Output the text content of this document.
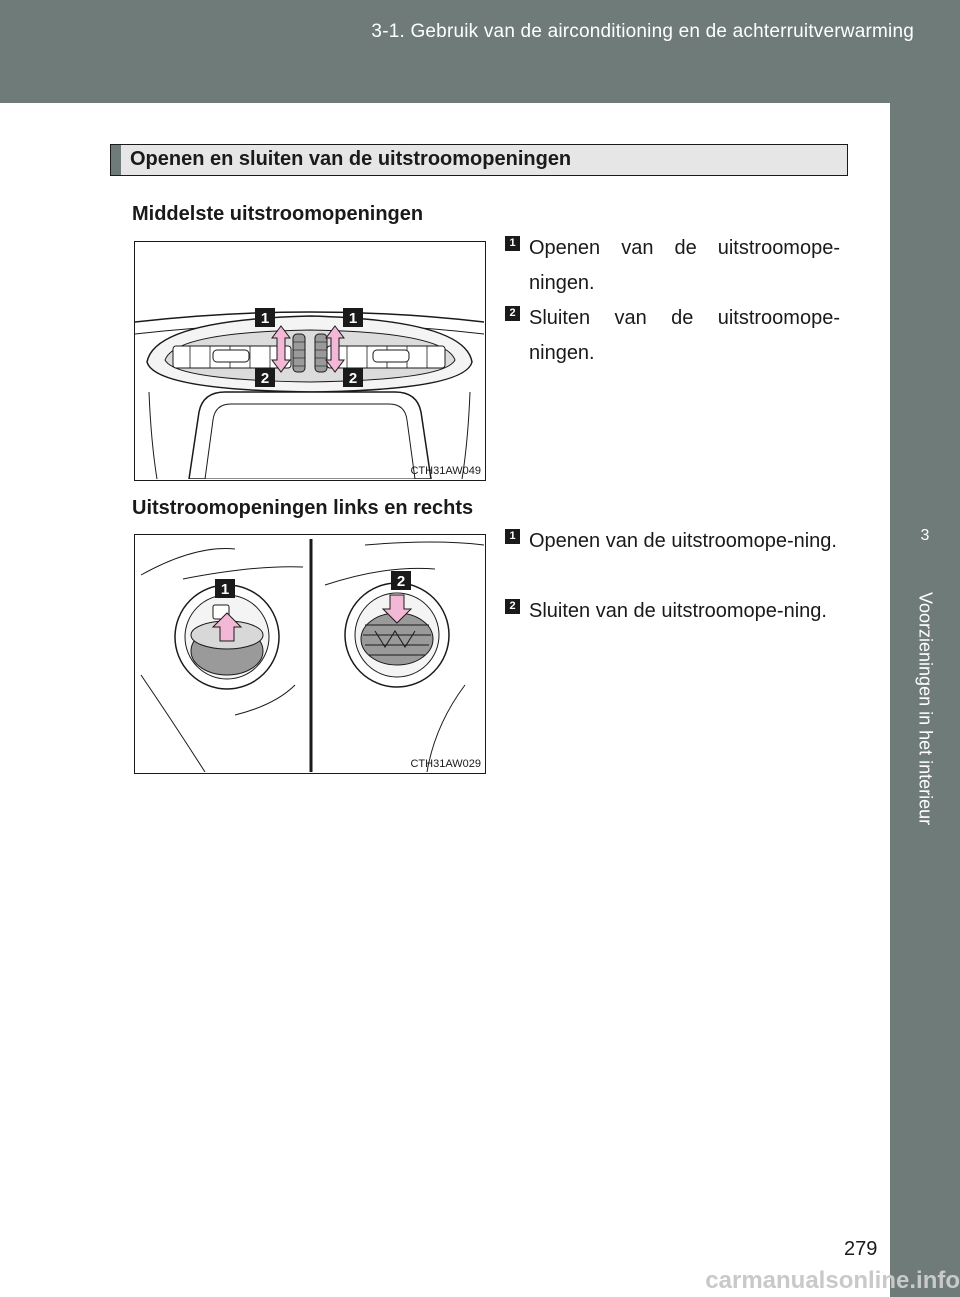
3-1. Gebruik van de airconditioning en de achterruitverwarming
3
Voorzieningen in het interieur
Openen en sluiten van de uitstroomopeningen
Middelste uitstroomopeningen
1	1
2	2
CTH31AW049
1 Openen van de uitstroomope-ningen.
2 Sluiten van de uitstroomope-ningen.
Uitstroomopeningen links en rechts
1	2
CTH31AW029
1 Openen van de uitstroomope-ning.
2 Sluiten van de uitstroomope-ning.
279
carmanualsonline.info
